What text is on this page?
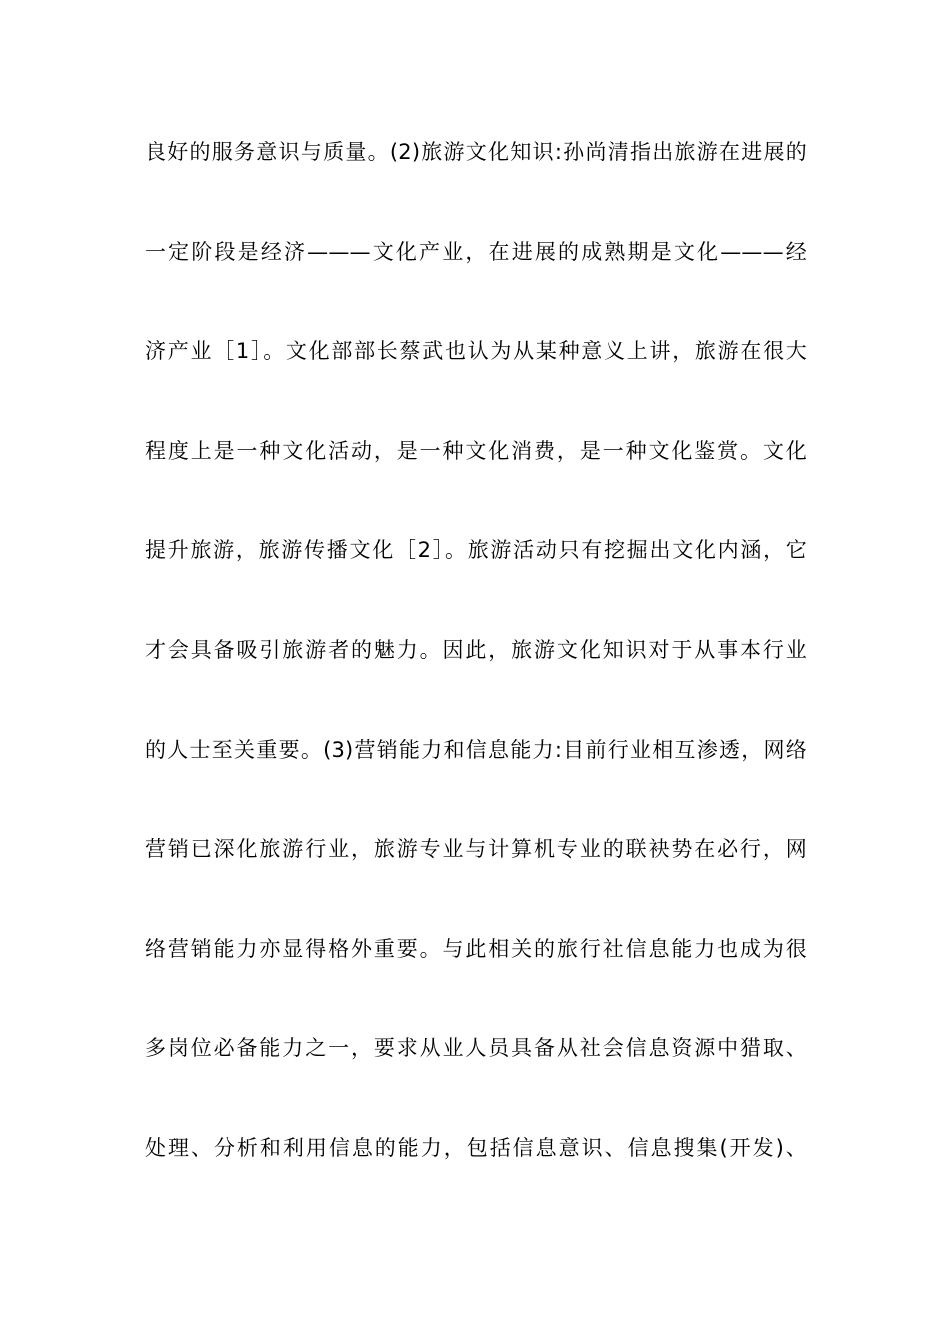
良好的服务意识与质量。(2)旅游文化知识:孙尚清指出旅游在进展的
一定阶段是经济———文化产业，在进展的成熟期是文化———经
济产业［1］。文化部部长蔡武也认为从某种意义上讲，旅游在很大
程度上是一种文化活动，是一种文化消费，是一种文化鉴赏。文化
提升旅游，旅游传播文化［2］。旅游活动只有挖掘出文化内涵，它
才会具备吸引旅游者的魅力。因此，旅游文化知识对于从事本行业
的人士至关重要。(3)营销能力和信息能力:目前行业相互渗透，网络
营销已深化旅游行业，旅游专业与计算机专业的联袂势在必行，网
络营销能力亦显得格外重要。与此相关的旅行社信息能力也成为很
多岗位必备能力之一，要求从业人员具备从社会信息资源中猎取、
处理、分析和利用信息的能力，包括信息意识、信息搜集(开发)、
